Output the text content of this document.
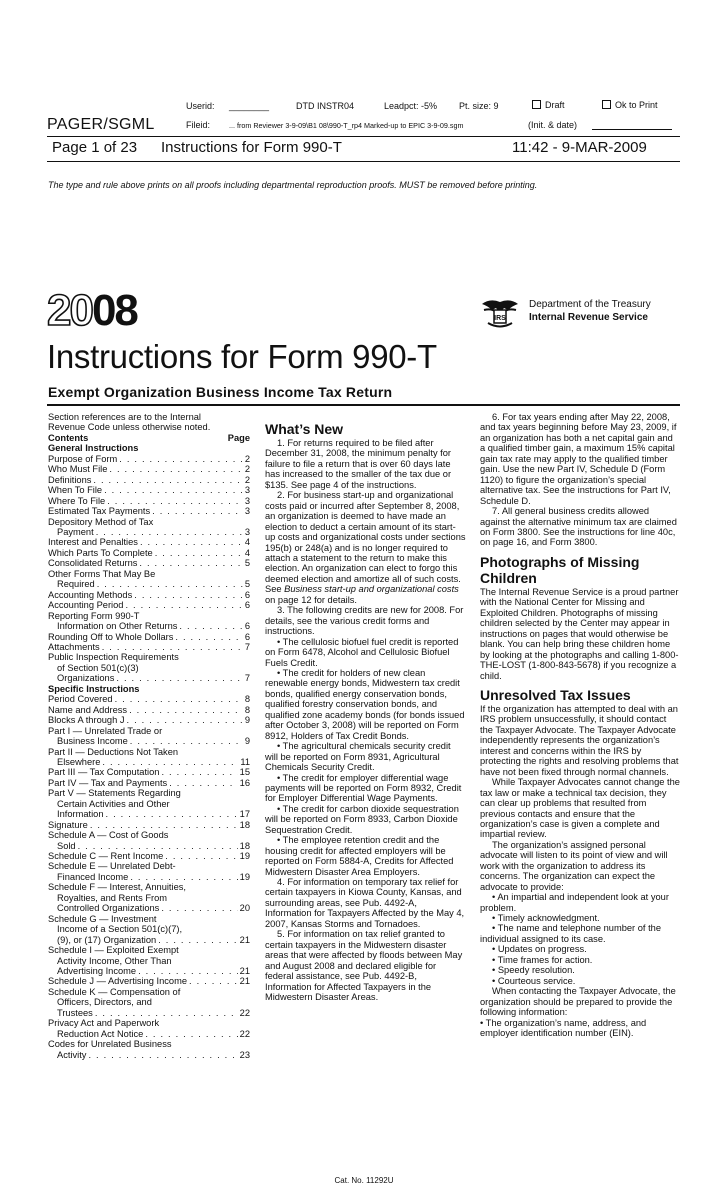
Userid: ________	DTD INSTR04	Leadpct: -5% Pt. size: 9	Draft	Ok to Print
PAGER/SGML	Fileid:	... from Reviewer 3-9-09\B1 08\990-T_rp4 Marked-up to EPIC 3-9-09.sgm	(Init. & date)
Page 1 of 23 Instructions for Form 990-T	11:42 - 9-MAR-2009
The type and rule above prints on all proofs including departmental reproduction proofs. MUST be removed before printing.
2008	IRS
Department of the Treasury
Internal Revenue Service
Instructions for Form 990-T
Exempt Organization Business Income Tax Return

Section references are to the Internal

Revenue Code unless otherwise noted.

Contents	Page

General Instructions

Purpose of Form . . .	2
Who Must File . . .	2
Definitions . . .	2
When To File . . .	3
Where To File . . .	3
Estimated Tax Payments . . .	3
Depository Method of Tax
Payment . . .	3
Interest and Penalties . . .	4
Which Parts To Complete . . .	4
Consolidated Returns . . .	5
Other Forms That May Be
Required . . .	5
Accounting Methods . . .	6
Accounting Period . . .	6
Reporting Form 990-T
Information on Other Returns . . .	6
Rounding Off to Whole Dollars . . .	6
Attachments . . .	7
Public Inspection Requirements
of Section 501(c)(3)
Organizations . . .	7

Specific Instructions

Period Covered . . .	8
Name and Address . . .	8
Blocks A through J . . .	9
Part I — Unrelated Trade or
Business Income . . .	9
Part II — Deductions Not Taken
Elsewhere . . .	11
Part III — Tax Computation . . .	15
Part IV — Tax and Payments . . .	16
Part V — Statements Regarding
Certain Activities and Other
Information . . .	17
Signature . . .	18
Schedule A — Cost of Goods
Sold . . .	18
Schedule C — Rent Income . . .	19
Schedule E — Unrelated Debt-
Financed Income . . .	19
Schedule F — Interest, Annuities,
Royalties, and Rents From
Controlled Organizations . . .	20
Schedule G — Investment
Income of a Section 501(c)(7),
(9), or (17) Organization . . .	21
Schedule I — Exploited Exempt
Activity Income, Other Than
Advertising Income . . .	21
Schedule J — Advertising Income . . .	21
Schedule K — Compensation of
Officers, Directors, and
Trustees . . .	22
Privacy Act and Paperwork
Reduction Act Notice . . .	22
Codes for Unrelated Business
Activity . . .	23
What’s New

1. For returns required to be filed after December 31, 2008, the minimum penalty for failure to file a return that is over 60 days late has increased to the smaller of the tax due or $135. See page 4 of the instructions.

2. For business start-up and organizational costs paid or incurred after September 8, 2008, an organization is deemed to have made an election to deduct a certain amount of its start-up costs and organizational costs under sections 195(b) or 248(a) and is no longer required to attach a statement to the return to make this election. An organization can elect to forgo this deemed election and amortize all of such costs. See Business start-up and organizational costs on page 12 for details.

3. The following credits are new for 2008. For details, see the various credit forms and instructions.

• The cellulosic biofuel fuel credit is reported on Form 6478, Alcohol and Cellulosic Biofuel Fuels Credit.

• The credit for holders of new clean renewable energy bonds, Midwestern tax credit bonds, qualified energy conservation bonds, qualified forestry conservation bonds, and qualified zone academy bonds (for bonds issued after October 3, 2008) will be reported on Form 8912, Holders of Tax Credit Bonds.

• The agricultural chemicals security credit will be reported on Form 8931, Agricultural Chemicals Security Credit.

• The credit for employer differential wage payments will be reported on Form 8932, Credit for Employer Differential Wage Payments.

• The credit for carbon dioxide sequestration will be reported on Form 8933, Carbon Dioxide Sequestration Credit.

• The employee retention credit and the housing credit for affected employers will be reported on Form 5884-A, Credits for Affected Midwestern Disaster Area Employers.

4. For information on temporary tax relief for certain taxpayers in Kiowa County, Kansas, and surrounding areas, see Pub. 4492-A, Information for Taxpayers Affected by the May 4, 2007, Kansas Storms and Tornadoes.

5. For information on tax relief granted to certain taxpayers in the Midwestern disaster areas that were affected by floods between May and August 2008 and declared eligible for federal assistance, see Pub. 4492-B, Information for Affected Taxpayers in the Midwestern Disaster Areas.

6. For tax years ending after May 22, 2008, and tax years beginning before May 23, 2009, if an organization has both a net capital gain and a qualified timber gain, a maximum 15% capital gain tax rate may apply to the qualified timber gain. Use the new Part IV, Schedule D (Form 1120) to figure the organization’s special alternative tax. See the instructions for Part IV, Schedule D.

7. All general business credits allowed against the alternative minimum tax are claimed on Form 3800. See the instructions for line 40c, on page 16, and Form 3800.

Photographs of Missing Children

The Internal Revenue Service is a proud partner with the National Center for Missing and Exploited Children. Photographs of missing children selected by the Center may appear in instructions on pages that would otherwise be blank. You can help bring these children home by looking at the photographs and calling 1-800-THE-LOST (1-800-843-5678) if you recognize a child.

Unresolved Tax Issues

If the organization has attempted to deal with an IRS problem unsuccessfully, it should contact the Taxpayer Advocate. The Taxpayer Advocate independently represents the organization’s interest and concerns within the IRS by protecting the rights and resolving problems that have not been fixed through normal channels.

While Taxpayer Advocates cannot change the tax law or make a technical tax decision, they can clear up problems that resulted from previous contacts and ensure that the organization’s case is given a complete and impartial review.

The organization’s assigned personal advocate will listen to its point of view and will work with the organization to address its concerns. The organization can expect the advocate to provide:

• An impartial and independent look at your problem.

• Timely acknowledgment.

• The name and telephone number of the individual assigned to its case.

• Updates on progress.

• Time frames for action.

• Speedy resolution.

• Courteous service.

When contacting the Taxpayer Advocate, the organization should be prepared to provide the following information:

• The organization’s name, address, and employer identification number (EIN).

Cat. No. 11292U
